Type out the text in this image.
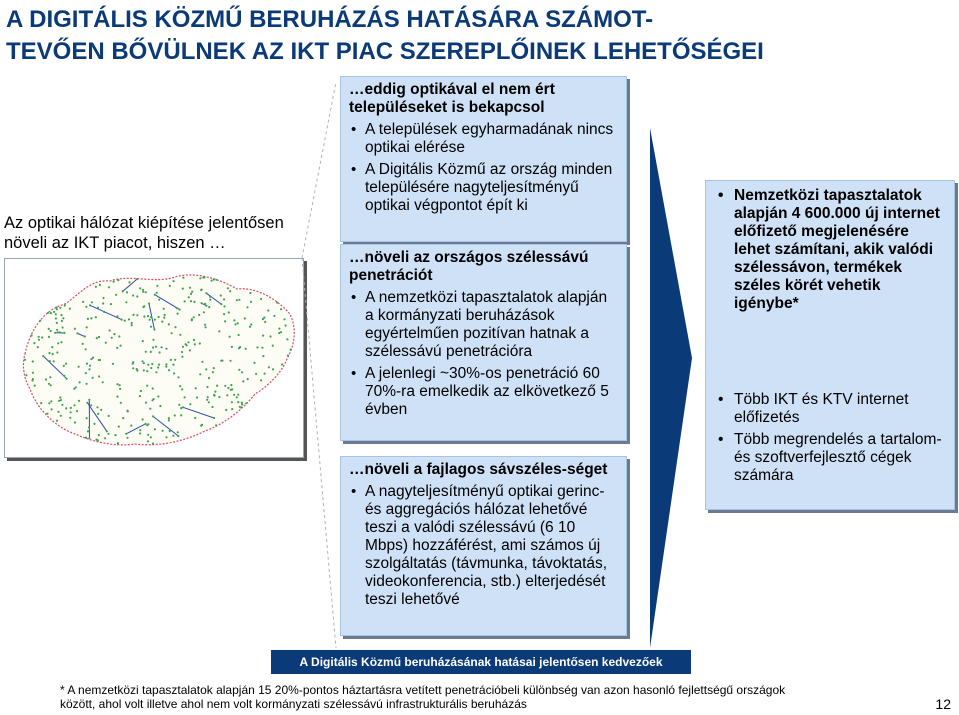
A DIGITÁLIS KÖZMŰ BERUHÁZÁS HATÁSÁRA SZÁMOT-
TEVŐEN BŐVÜLNEK AZ IKT PIAC SZEREPLŐINEK LEHETŐSÉGEI
Az optikai hálózat kiépítése jelentősen
növeli az IKT piacot, hiszen …
…eddig optikával el nem ért
településeket is bekapcsol
• A települések egyharmadának nincs optikai elérése
• A Digitális Közmű az ország minden településére nagyteljesítményű optikai végpontot épít ki
…növeli az országos szélessávú penetrációt
• A nemzetközi tapasztalatok alapján a kormányzati beruházások egyértelműen pozitívan hatnak a szélessávú penetrációra
• A jelenlegi ~30%-os penetráció 60 70%-ra emelkedik az elkövetkező 5 évben
…növeli a fajlagos sávszéles-séget
• A nagyteljesítményű optikai gerinc- és aggregációs hálózat lehetővé teszi a valódi szélessávú (6 10 Mbps) hozzáférést, ami számos új szolgáltatás (távmunka, távoktatás, videokonferencia, stb.) elterjedését teszi lehetővé
• Nemzetközi tapasztalatok alapján 4 600.000 új internet előfizető megjelenésére lehet számítani, akik valódi szélessávon, termékek széles körét vehetik igénybe*
• Több IKT és KTV internet előfizetés
• Több megrendelés a tartalom- és szoftverfejlesztő cégek számára
A Digitális Közmű beruházásának hatásai jelentősen kedvezőek
* A nemzetközi tapasztalatok alapján 15 20%-pontos háztartásra vetített penetrációbeli különbség van azon hasonló fejlettségű országok
között, ahol volt illetve ahol nem volt kormányzati szélessávú infrastrukturális beruházás	12
